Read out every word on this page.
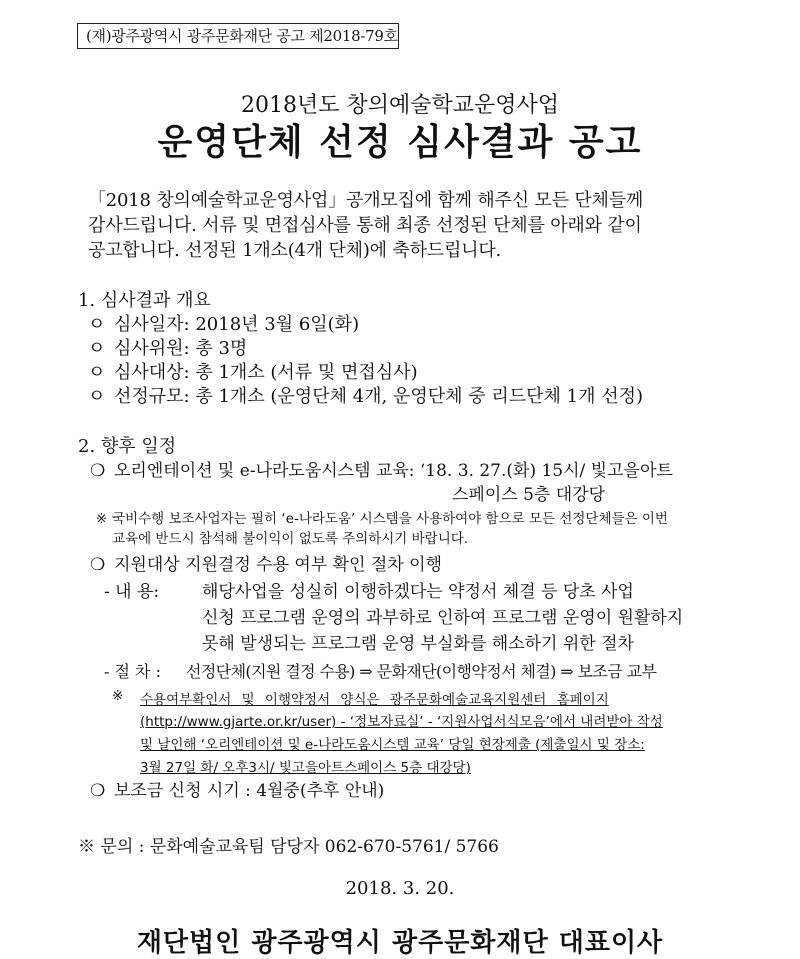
(재)광주광역시 광주문화재단 공고 제2018-79호
2018년도 창의예술학교운영사업
운영단체 선정 심사결과 공고
「2018 창의예술학교운영사업」공개모집에 함께 해주신 모든 단체들께
감사드립니다. 서류 및 면접심사를 통해 최종 선정된 단체를 아래와 같이
공고합니다. 선정된 1개소(4개 단체)에 축하드립니다.
1. 심사결과 개요
ㅇ 심사일자: 2018년 3월 6일(화)
ㅇ 심사위원: 총 3명
ㅇ 심사대상: 총 1개소 (서류 및 면접심사)
ㅇ 선정규모: 총 1개소 (운영단체 4개, 운영단체 중 리드단체 1개 선정)
2. 향후 일정
❍ 오리엔테이션 및 e-나라도움시스템 교육: ‘18. 3. 27.(화) 15시/ 빛고을아트
스페이스 5층 대강당
※ 국비수행 보조사업자는 필히 ‘e-나라도움’ 시스템을 사용하여야 함으로 모든 선정단체들은 이번
교육에 반드시 참석해 불이익이 없도록 주의하시기 바랍니다.
❍ 지원대상 지원결정 수용 여부 확인 절차 이행
- 내 용:	해당사업을 성실히 이행하겠다는 약정서 체결 등 당초 사업
신청 프로그램 운영의 과부하로 인하여 프로그램 운영이 원활하지
못해 발생되는 프로그램 운영 부실화를 해소하기 위한 절차
- 절 차 : 선정단체(지원 결정 수용) ⇒ 문화재단(이행약정서 체결) ⇒ 보조금 교부
※ 수용여부확인서 및 이행약정서 양식은 광주문화예술교육지원센터 홈페이지
(http://www.gjarte.or.kr/user) - ‘정보자료실’ - ‘지원사업서식모음’에서 내려받아 작성
및 날인해 ‘오리엔테이션 및 e-나라도움시스템 교육’ 당일 현장제출 (제출일시 및 장소:
3월 27일 화/ 오후3시/ 빛고을아트스페이스 5층 대강당)
❍ 보조금 신청 시기 : 4월중(추후 안내)
※ 문의 : 문화예술교육팀 담당자 062-670-5761/ 5766
2018. 3. 20.
재단법인 광주광역시 광주문화재단 대표이사
